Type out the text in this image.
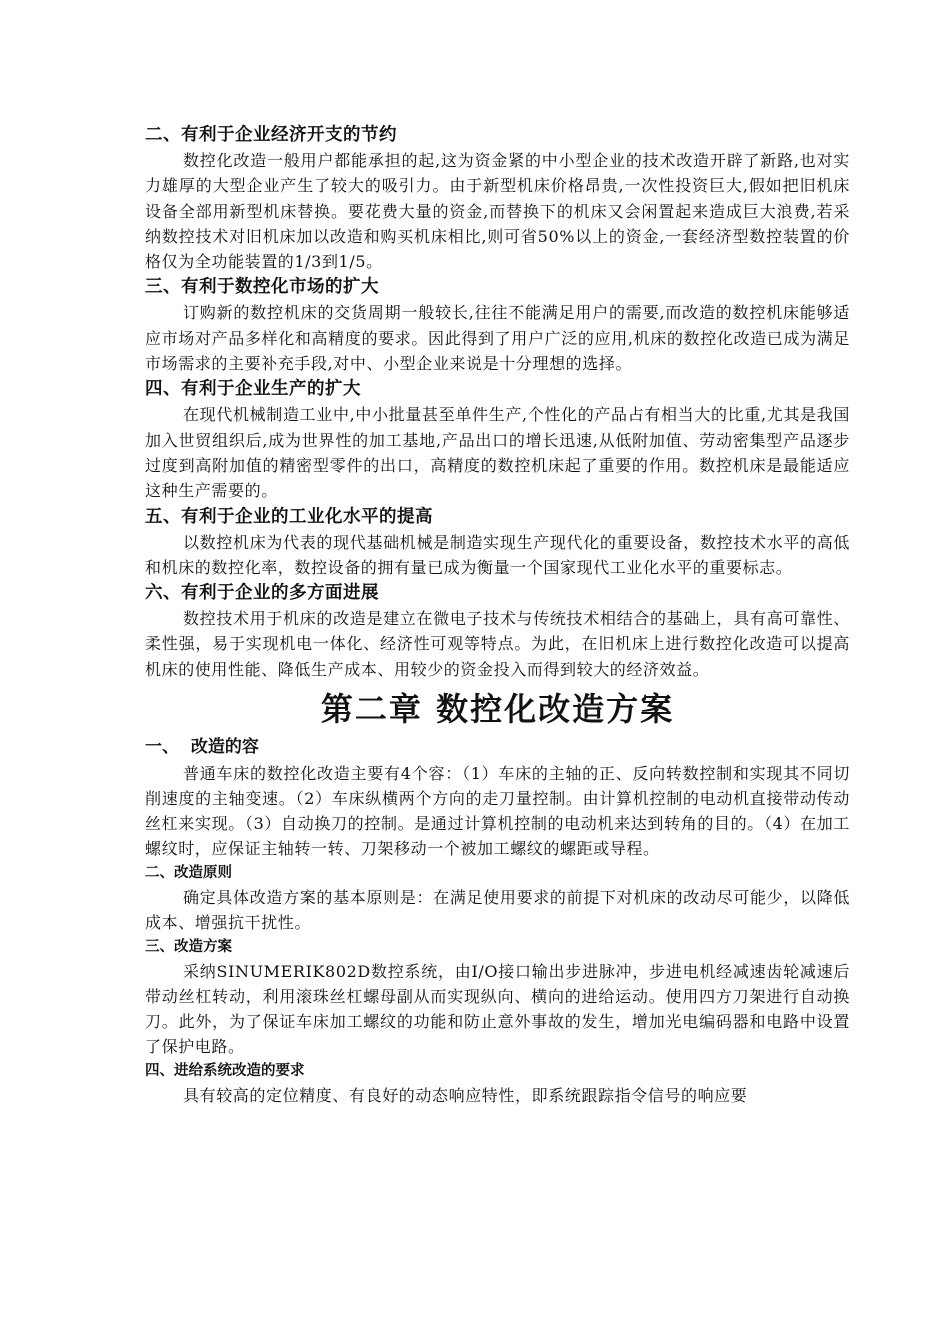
二、有利于企业经济开支的节约

数控化改造一般用户都能承担的起,这为资金紧的中小型企业的技术改造开辟了新路,也对实力雄厚的大型企业产生了较大的吸引力。由于新型机床价格昂贵,一次性投资巨大,假如把旧机床设备全部用新型机床替换。要花费大量的资金,而替换下的机床又会闲置起来造成巨大浪费,若采纳数控技术对旧机床加以改造和购买机床相比,则可省50%以上的资金,一套经济型数控装置的价格仅为全功能装置的1/3到1/5。

三、有利于数控化市场的扩大

订购新的数控机床的交货周期一般较长,往往不能满足用户的需要,而改造的数控机床能够适应市场对产品多样化和高精度的要求。因此得到了用户广泛的应用,机床的数控化改造已成为满足市场需求的主要补充手段,对中、小型企业来说是十分理想的选择。

四、有利于企业生产的扩大

在现代机械制造工业中,中小批量甚至单件生产,个性化的产品占有相当大的比重,尤其是我国加入世贸组织后,成为世界性的加工基地,产品出口的增长迅速,从低附加值、劳动密集型产品逐步过度到高附加值的精密型零件的出口，高精度的数控机床起了重要的作用。数控机床是最能适应这种生产需要的。

五、有利于企业的工业化水平的提高

以数控机床为代表的现代基础机械是制造实现生产现代化的重要设备，数控技术水平的高低和机床的数控化率，数控设备的拥有量已成为衡量一个国家现代工业化水平的重要标志。

六、有利于企业的多方面进展

数控技术用于机床的改造是建立在微电子技术与传统技术相结合的基础上，具有高可靠性、柔性强，易于实现机电一体化、经济性可观等特点。为此，在旧机床上进行数控化改造可以提高机床的使用性能、降低生产成本、用较少的资金投入而得到较大的经济效益。

第二章 数控化改造方案
一、  改造的容

普通车床的数控化改造主要有4个容：（1）车床的主轴的正、反向转数控制和实现其不同切削速度的主轴变速。（2）车床纵横两个方向的走刀量控制。由计算机控制的电动机直接带动传动丝杠来实现。（3）自动换刀的控制。是通过计算机控制的电动机来达到转角的目的。（4）在加工螺纹时，应保证主轴转一转、刀架移动一个被加工螺纹的螺距或导程。

二、改造原则

确定具体改造方案的基本原则是：在满足使用要求的前提下对机床的改动尽可能少，以降低成本、增强抗干扰性。

三、改造方案

采纳SINUMERIK802D数控系统，由I/O接口输出步进脉冲，步进电机经减速齿轮减速后带动丝杠转动，利用滚珠丝杠螺母副从而实现纵向、横向的进给运动。使用四方刀架进行自动换刀。此外，为了保证车床加工螺纹的功能和防止意外事故的发生，增加光电编码器和电路中设置了保护电路。

四、进给系统改造的要求

具有较高的定位精度、有良好的动态响应特性，即系统跟踪指令信号的响应要
